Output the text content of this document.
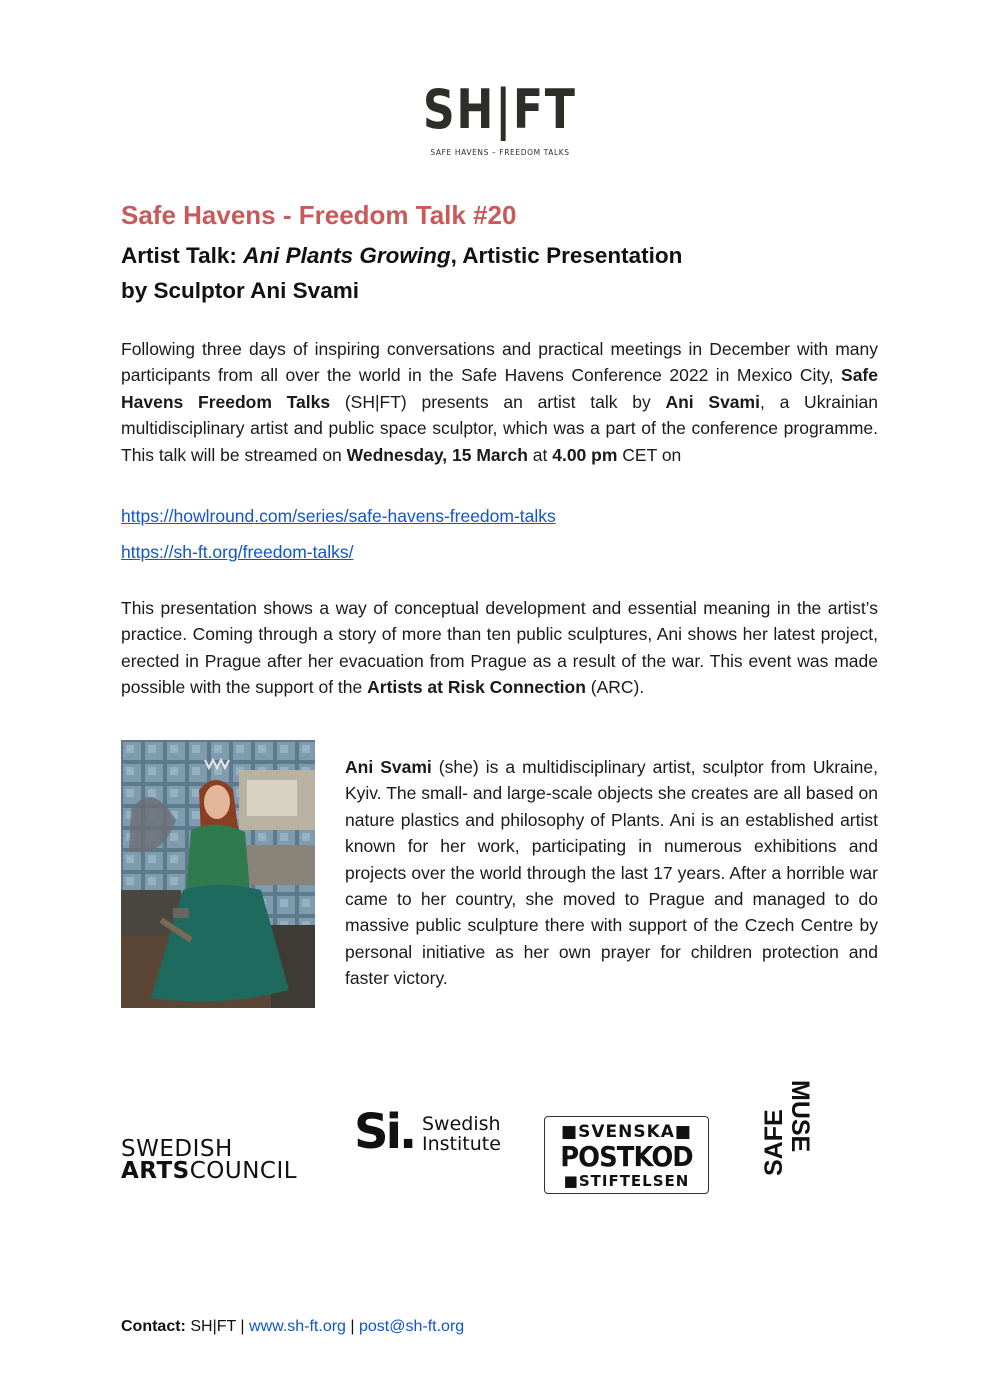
SH|FT
SAFE HAVENS – FREEDOM TALKS
Safe Havens - Freedom Talk #20
Artist Talk: Ani Plants Growing, Artistic Presentation
by Sculptor Ani Svami

Following three days of inspiring conversations and practical meetings in December with many participants from all over the world in the Safe Havens Conference 2022 in Mexico City, Safe Havens Freedom Talks (SH|FT) presents an artist talk by Ani Svami, a Ukrainian multidisciplinary artist and public space sculptor, which was a part of the conference programme. This talk will be streamed on Wednesday, 15 March at 4.00 pm CET on

https://howlround.com/series/safe-havens-freedom-talks
https://sh-ft.org/freedom-talks/

This presentation shows a way of conceptual development and essential meaning in the artist’s practice. Coming through a story of more than ten public sculptures, Ani shows her latest project, erected in Prague after her evacuation from Prague as a result of the war. This event was made possible with the support of the Artists at Risk Connection (ARC).

Ani Svami (she) is a multidisciplinary artist, sculptor from Ukraine, Kyiv. The small- and large-scale objects she creates are all based on nature plastics and philosophy of Plants. Ani is an established artist known for her work, participating in numerous exhibitions and projects over the world through the last 17 years. After a horrible war came to her country, she moved to Prague and managed to do massive public sculpture there with support of the Czech Centre by personal initiative as her own prayer for children protection and faster victory.

SWEDISH
ARTSCOUNCIL
Si. Swedish
Institute
■SVENSKA■
POSTKOD
■STIFTELSEN
SAFE
MUSE
Contact: SH|FT | www.sh-ft.org | post@sh-ft.org
